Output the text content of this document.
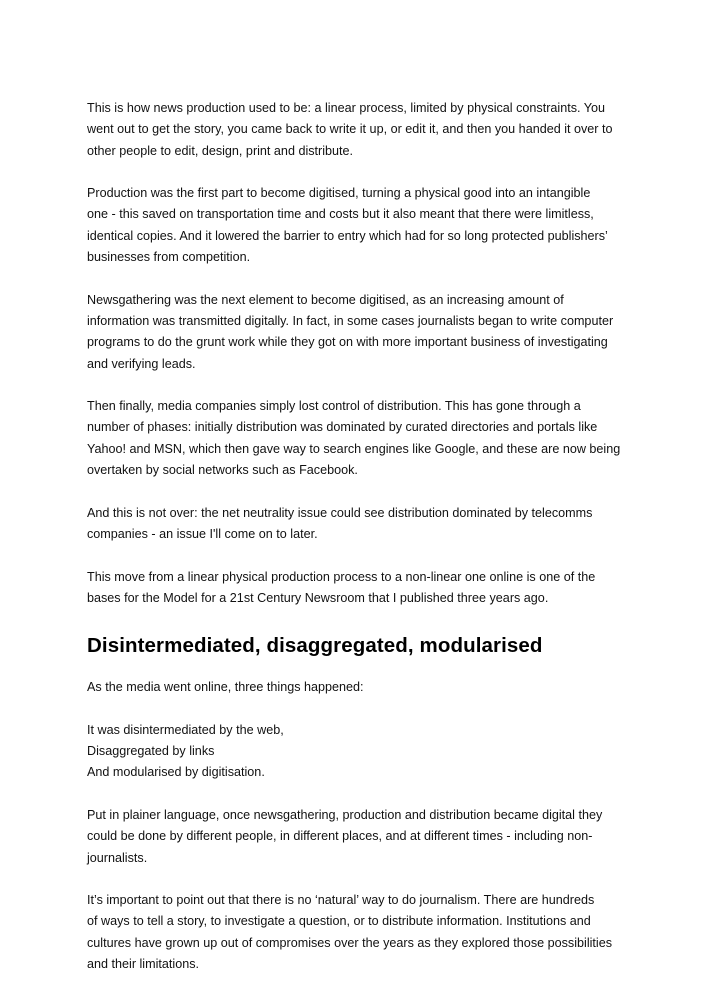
This is how news production used to be: a linear process, limited by physical constraints. You
went out to get the story, you came back to write it up, or edit it, and then you handed it over to
other people to edit, design, print and distribute.

Production was the first part to become digitised, turning a physical good into an intangible
one - this saved on transportation time and costs but it also meant that there were limitless,
identical copies. And it lowered the barrier to entry which had for so long protected publishers’
businesses from competition.

Newsgathering was the next element to become digitised, as an increasing amount of
information was transmitted digitally. In fact, in some cases journalists began to write computer
programs to do the grunt work while they got on with more important business of investigating
and verifying leads.

Then finally, media companies simply lost control of distribution. This has gone through a
number of phases: initially distribution was dominated by curated directories and portals like
Yahoo! and MSN, which then gave way to search engines like Google, and these are now being
overtaken by social networks such as Facebook.

And this is not over: the net neutrality issue could see distribution dominated by telecomms
companies - an issue I'll come on to later.

This move from a linear physical production process to a non-linear one online is one of the
bases for the Model for a 21st Century Newsroom that I published three years ago.

Disintermediated, disaggregated, modularised

As the media went online, three things happened:

It was disintermediated by the web,
Disaggregated by links
And modularised by digitisation.

Put in plainer language, once newsgathering, production and distribution became digital they
could be done by different people, in different places, and at different times - including non-
journalists.

It’s important to point out that there is no ‘natural’ way to do journalism. There are hundreds
of ways to tell a story, to investigate a question, or to distribute information. Institutions and
cultures have grown up out of compromises over the years as they explored those possibilities
and their limitations.
